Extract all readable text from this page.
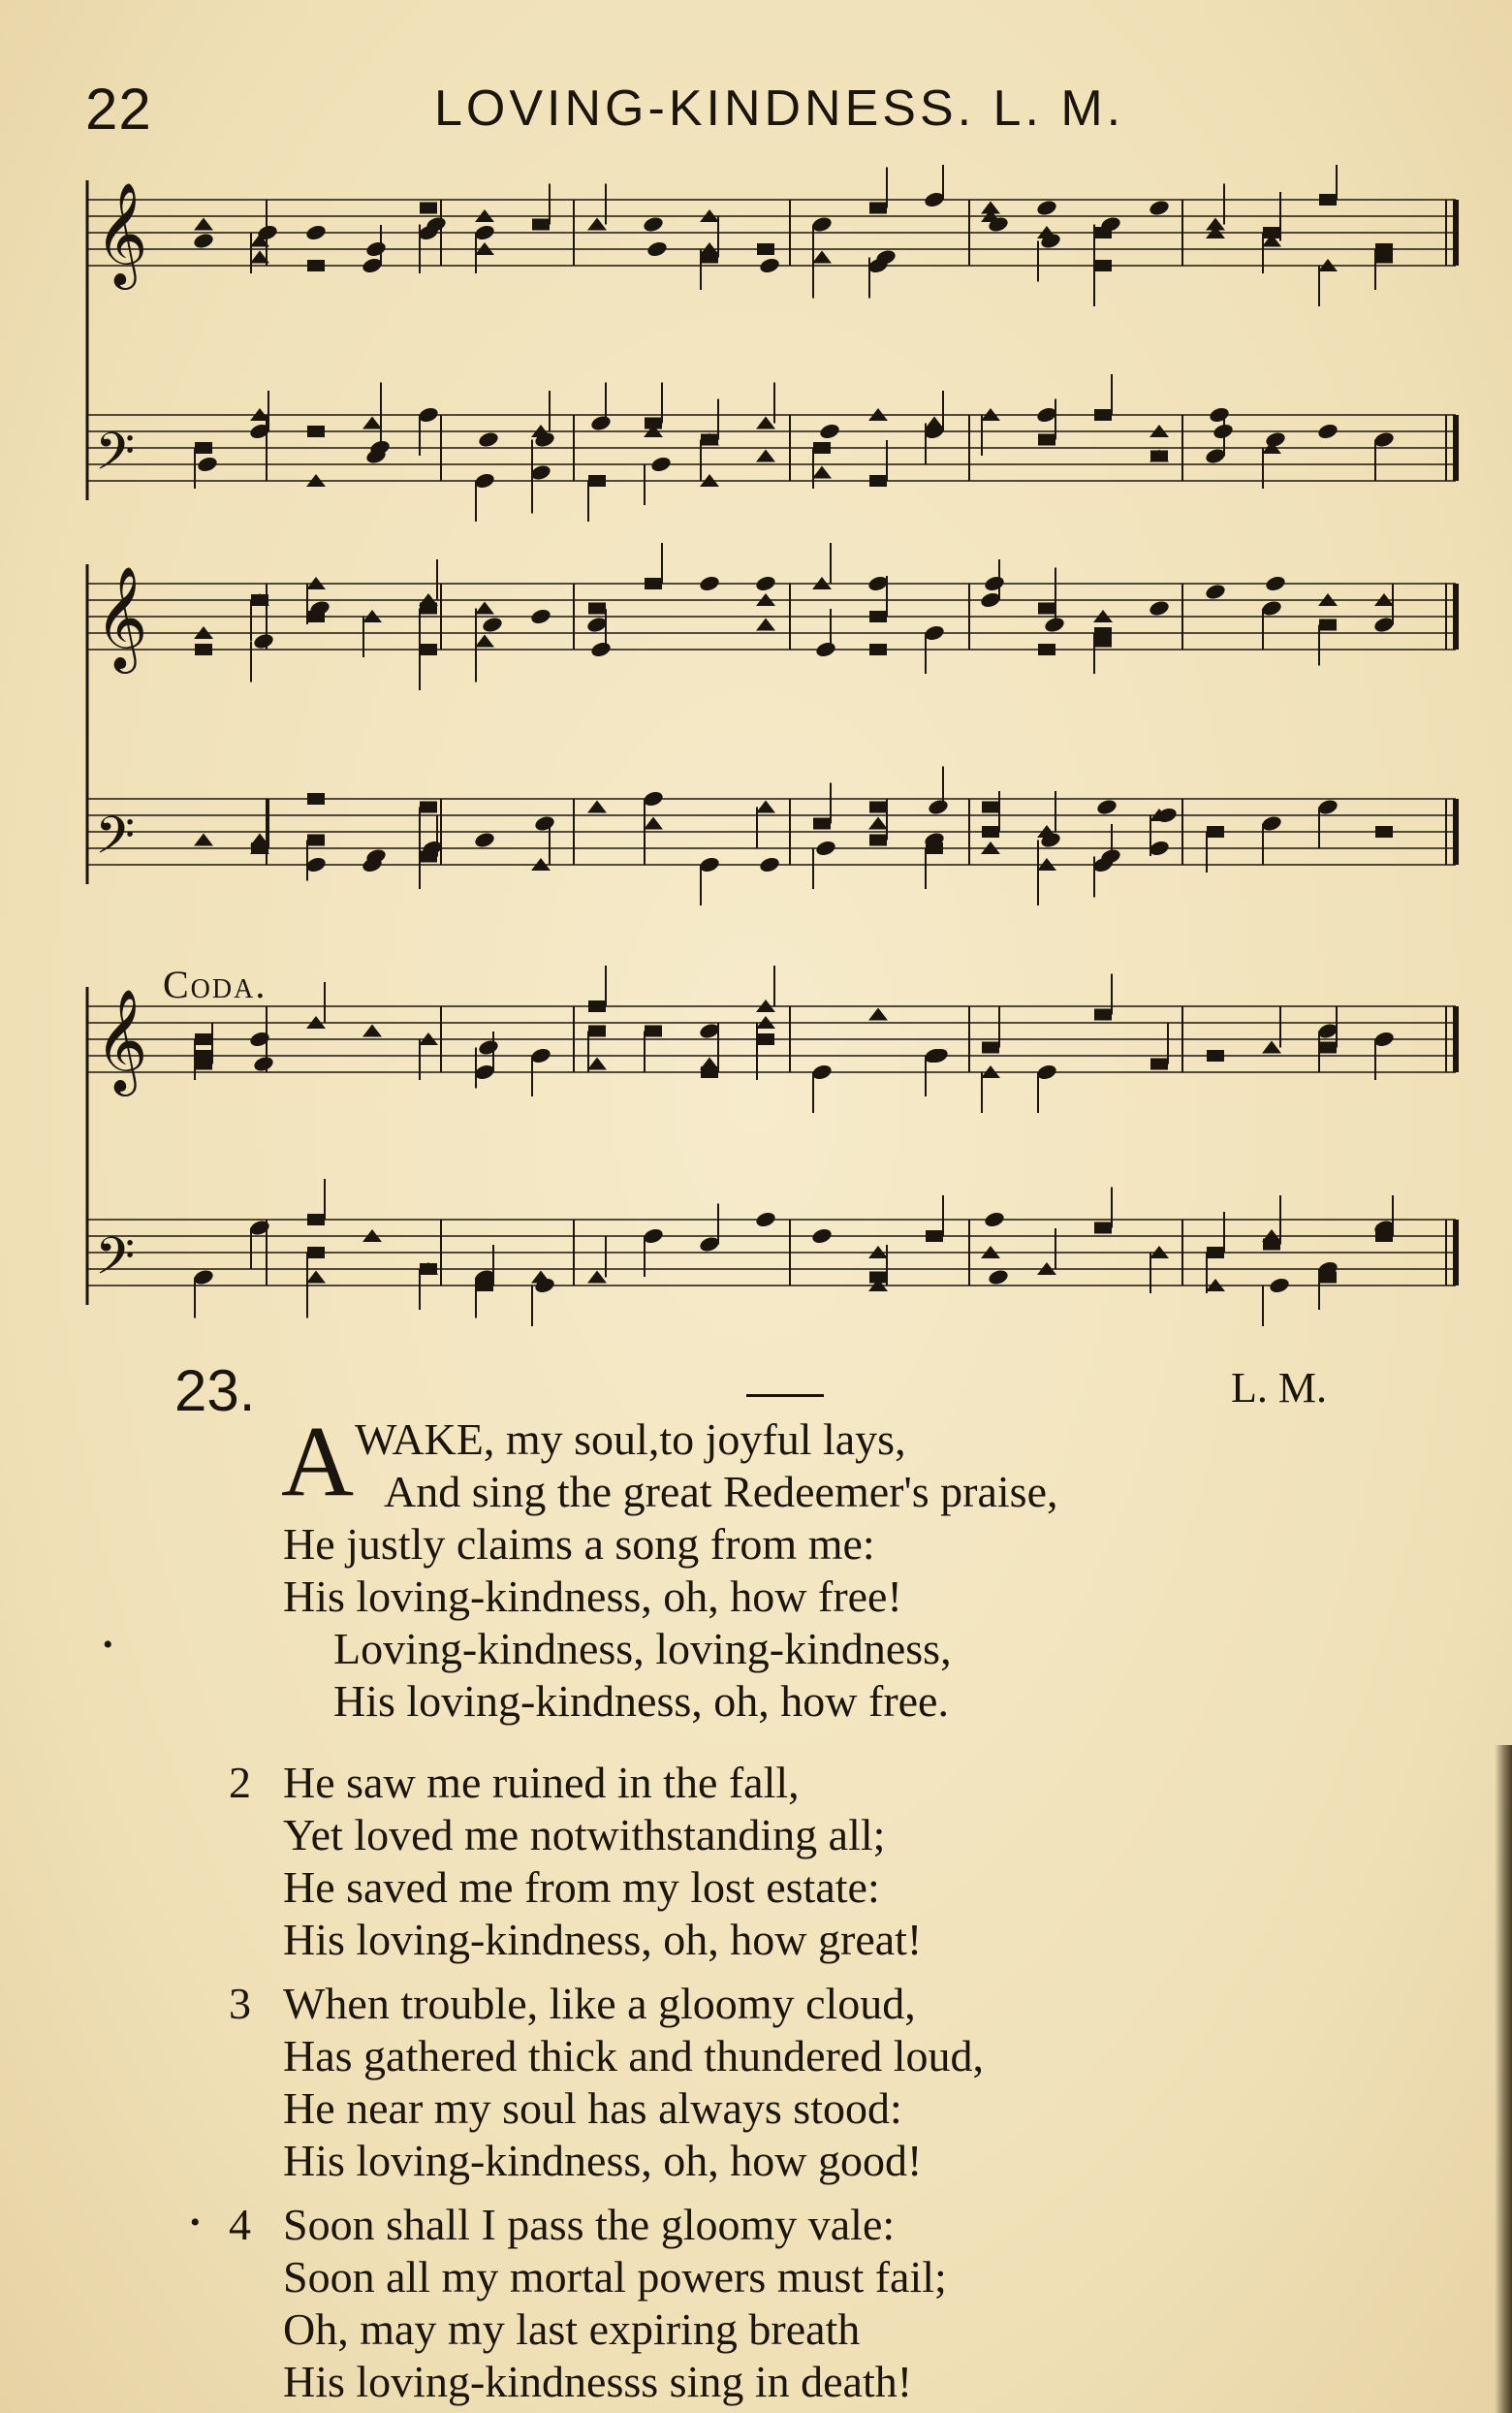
22	LOVING-KINDNESS. L. M.
𝄞
𝄢
𝄞
𝄢
𝄞
𝄢
Coda.
23.	L. M.
A WAKE, my soul,to joyful lays,
And sing the great Redeemer's praise,
He justly claims a song from me:
His loving-kindness, oh, how free!
•	Loving-kindness, loving-kindness,
His loving-kindness, oh, how free.
2 He saw me ruined in the fall,
Yet loved me notwithstanding all;
He saved me from my lost estate:
His loving-kindness, oh, how great!
3 When trouble, like a gloomy cloud,
Has gathered thick and thundered loud,
He near my soul has always stood:
His loving-kindness, oh, how good!
• 4 Soon shall I pass the gloomy vale:
Soon all my mortal powers must fail;
Oh, may my last expiring breath
His loving-kindnesss sing in death!
